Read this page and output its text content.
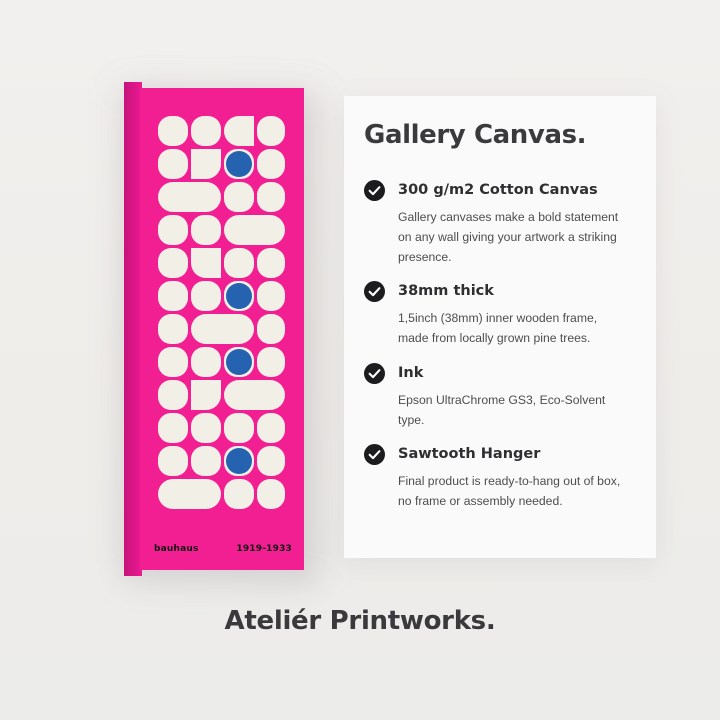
bauhaus	1919-1933
Gallery Canvas.
300 g/m2 Cotton Canvas
Gallery canvases make a bold statement on any wall giving your artwork a striking presence.
38mm thick
1,5inch (38mm) inner wooden frame, made from locally grown pine trees.
Ink
Epson UltraChrome GS3, Eco-Solvent type.
Sawtooth Hanger
Final product is ready-to-hang out of box, no frame or assembly needed.
Ateliér Printworks.
